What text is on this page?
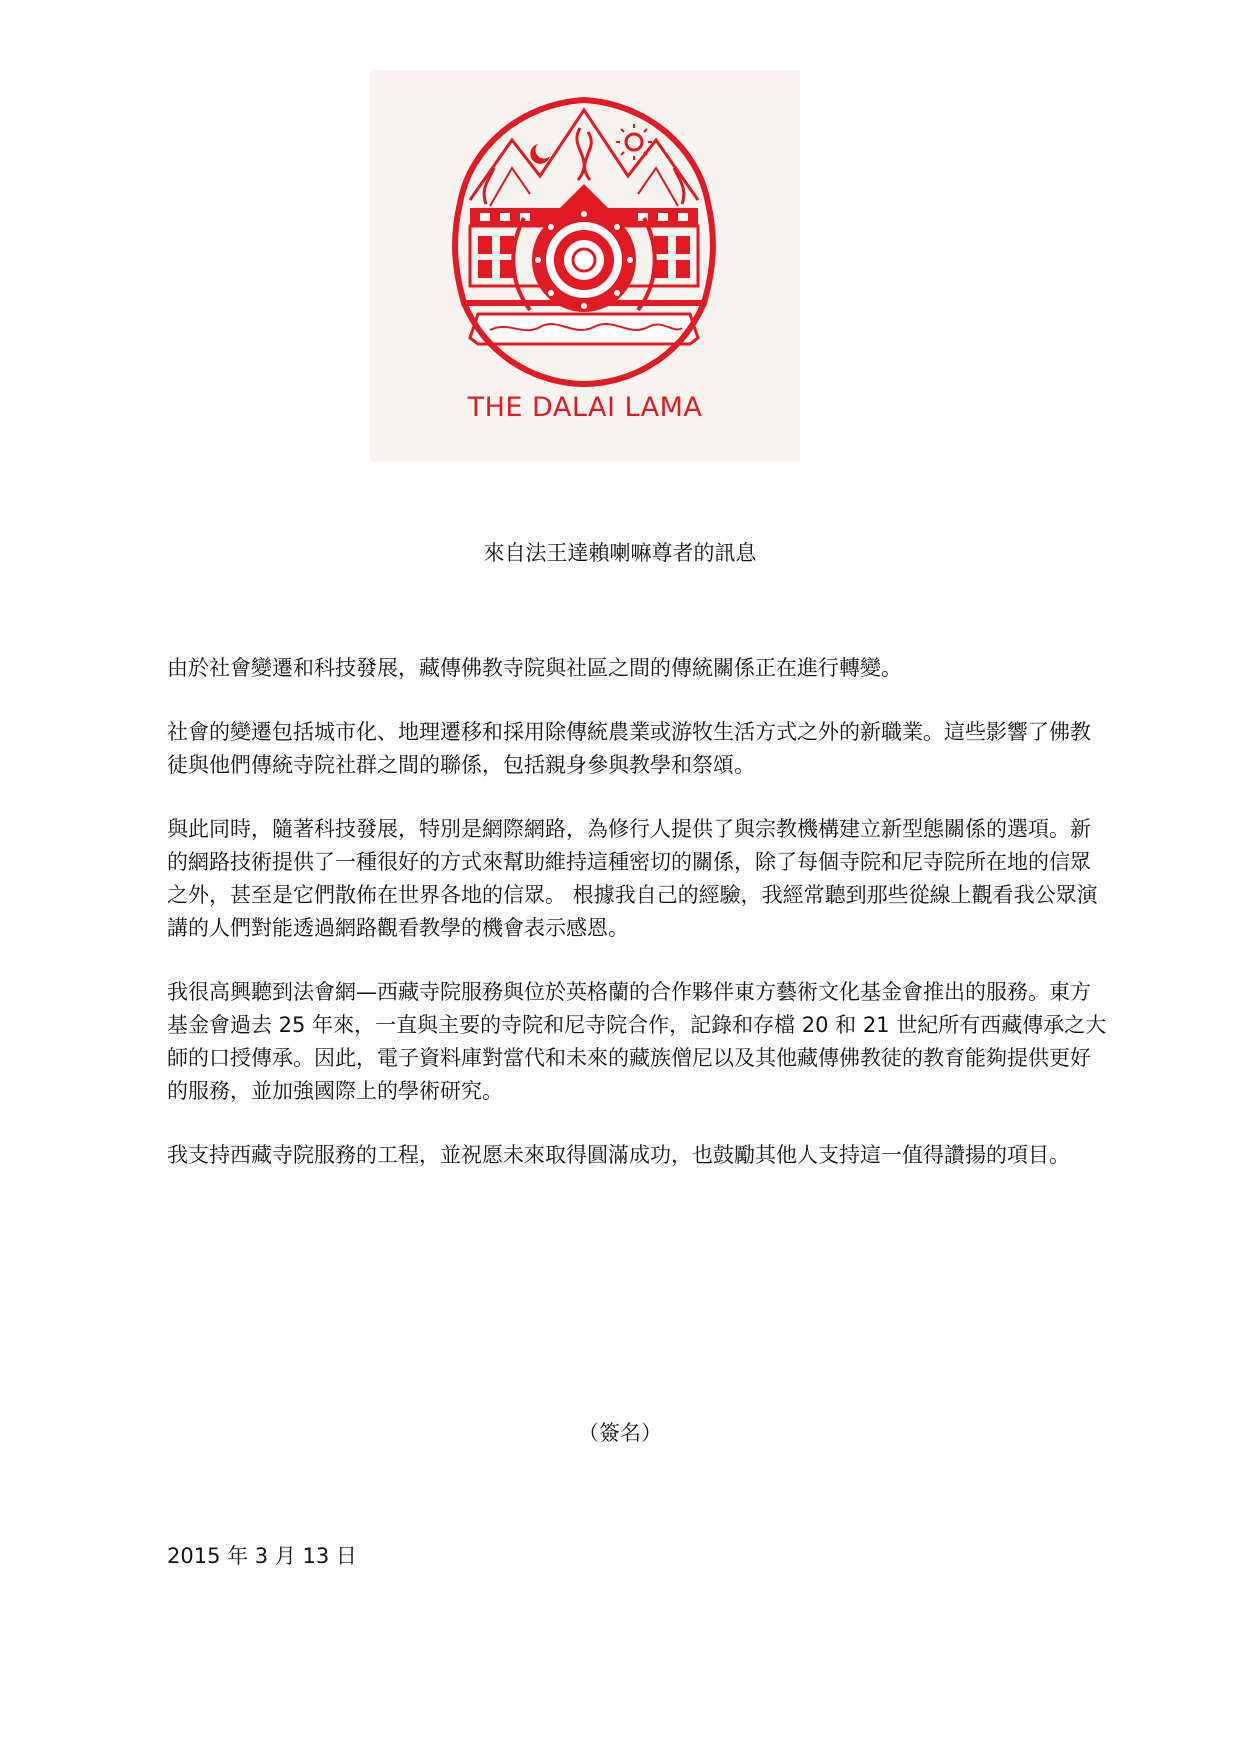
THE DALAI LAMA
來自法王達賴喇嘛尊者的訊息

由於社會變遷和科技發展，藏傳佛教寺院與社區之間的傳統關係正在進行轉變。

社會的變遷包括城市化、地理遷移和採用除傳統農業或游牧生活方式之外的新職業。這些影響了佛教徒與他們傳統寺院社群之間的聯係，包括親身參與教學和祭頌。

與此同時，隨著科技發展，特別是網際網路，為修行人提供了與宗教機構建立新型態關係的選項。新的網路技術提供了一種很好的方式來幫助維持這種密切的關係，除了每個寺院和尼寺院所在地的信眾之外，甚至是它們散佈在世界各地的信眾。 根據我自己的經驗，我經常聽到那些從線上觀看我公眾演講的人們對能透過網路觀看教學的機會表示感恩。

我很高興聽到法會網—西藏寺院服務與位於英格蘭的合作夥伴東方藝術文化基金會推出的服務。東方基金會過去 25 年來，一直與主要的寺院和尼寺院合作，記錄和存檔 20 和 21 世紀所有西藏傳承之大師的口授傳承。因此，電子資料庫對當代和未來的藏族僧尼以及其他藏傳佛教徒的教育能夠提供更好的服務，並加強國際上的學術研究。

我支持西藏寺院服務的工程，並祝愿未來取得圓滿成功，也鼓勵其他人支持這一值得讚揚的項目。

（簽名）
2015 年 3 月 13 日
